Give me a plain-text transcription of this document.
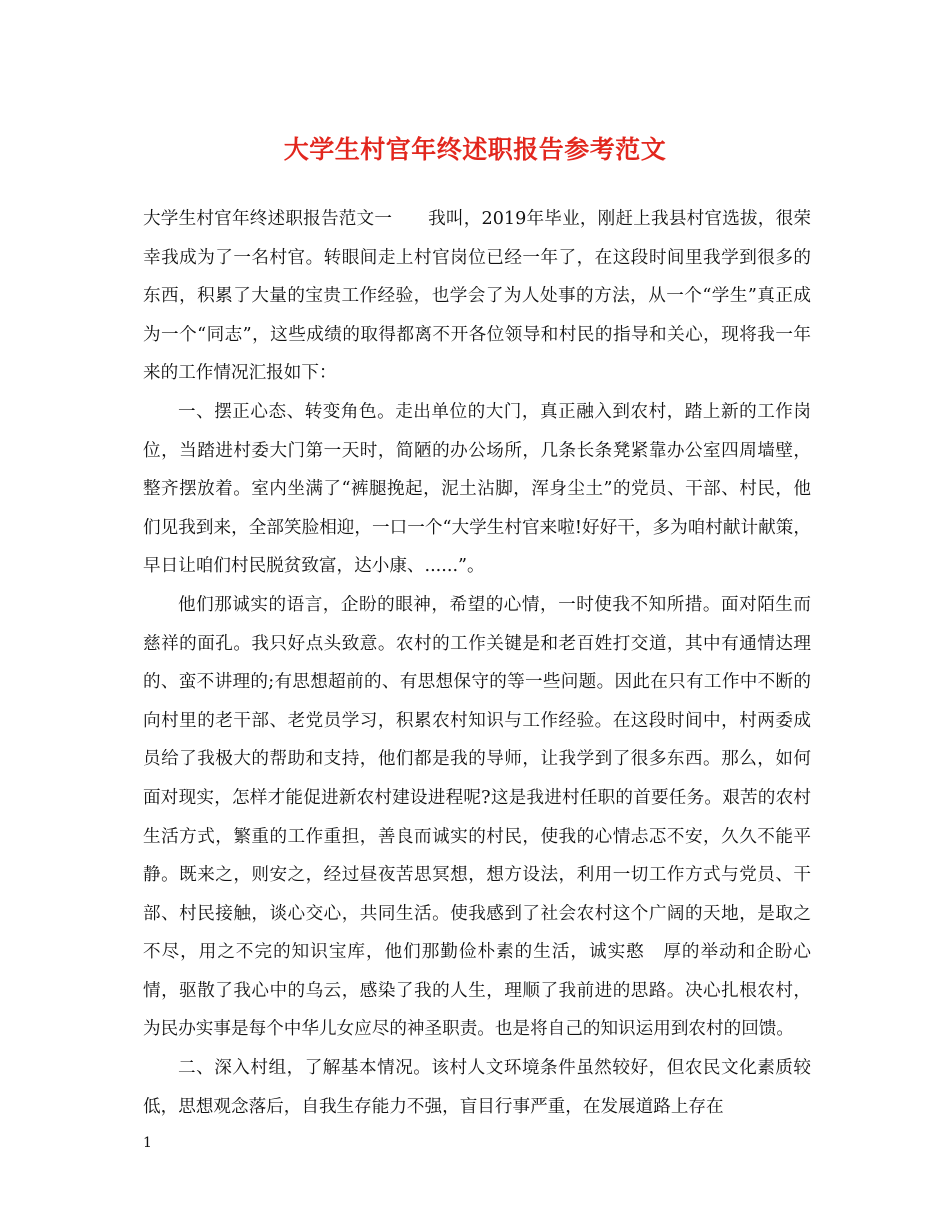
大学生村官年终述职报告参考范文

大学生村官年终述职报告范文一 我叫，2019年毕业，刚赶上我县村官选拔，很荣幸我成为了一名村官。转眼间走上村官岗位已经一年了，在这段时间里我学到很多的东西，积累了大量的宝贵工作经验，也学会了为人处事的方法，从一个“学生”真正成为一个“同志”，这些成绩的取得都离不开各位领导和村民的指导和关心，现将我一年来的工作情况汇报如下：

一、摆正心态、转变角色。走出单位的大门，真正融入到农村，踏上新的工作岗位，当踏进村委大门第一天时，简陋的办公场所，几条长条凳紧靠办公室四周墙壁，整齐摆放着。室内坐满了“裤腿挽起，泥土沾脚，浑身尘土”的党员、干部、村民，他们见我到来，全部笑脸相迎，一口一个“大学生村官来啦!好好干，多为咱村献计献策，早日让咱们村民脱贫致富，达小康、......”。

他们那诚实的语言，企盼的眼神，希望的心情，一时使我不知所措。面对陌生而慈祥的面孔。我只好点头致意。农村的工作关键是和老百姓打交道，其中有通情达理的、蛮不讲理的;有思想超前的、有思想保守的等一些问题。因此在只有工作中不断的向村里的老干部、老党员学习，积累农村知识与工作经验。在这段时间中，村两委成员给了我极大的帮助和支持，他们都是我的导师，让我学到了很多东西。那么，如何面对现实，怎样才能促进新农村建设进程呢?这是我进村任职的首要任务。艰苦的农村生活方式，繁重的工作重担，善良而诚实的村民，使我的心情忐忑不安，久久不能平静。既来之，则安之，经过昼夜苦思冥想，想方设法，利用一切工作方式与党员、干部、村民接触，谈心交心，共同生活。使我感到了社会农村这个广阔的天地，是取之不尽，用之不完的知识宝库，他们那勤俭朴素的生活，诚实憨　厚的举动和企盼心情，驱散了我心中的乌云，感染了我的人生，理顺了我前进的思路。决心扎根农村，为民办实事是每个中华儿女应尽的神圣职责。也是将自己的知识运用到农村的回馈。

二、深入村组，了解基本情况。该村人文环境条件虽然较好，但农民文化素质较低，思想观念落后，自我生存能力不强，盲目行事严重，在发展道路上存在

1
